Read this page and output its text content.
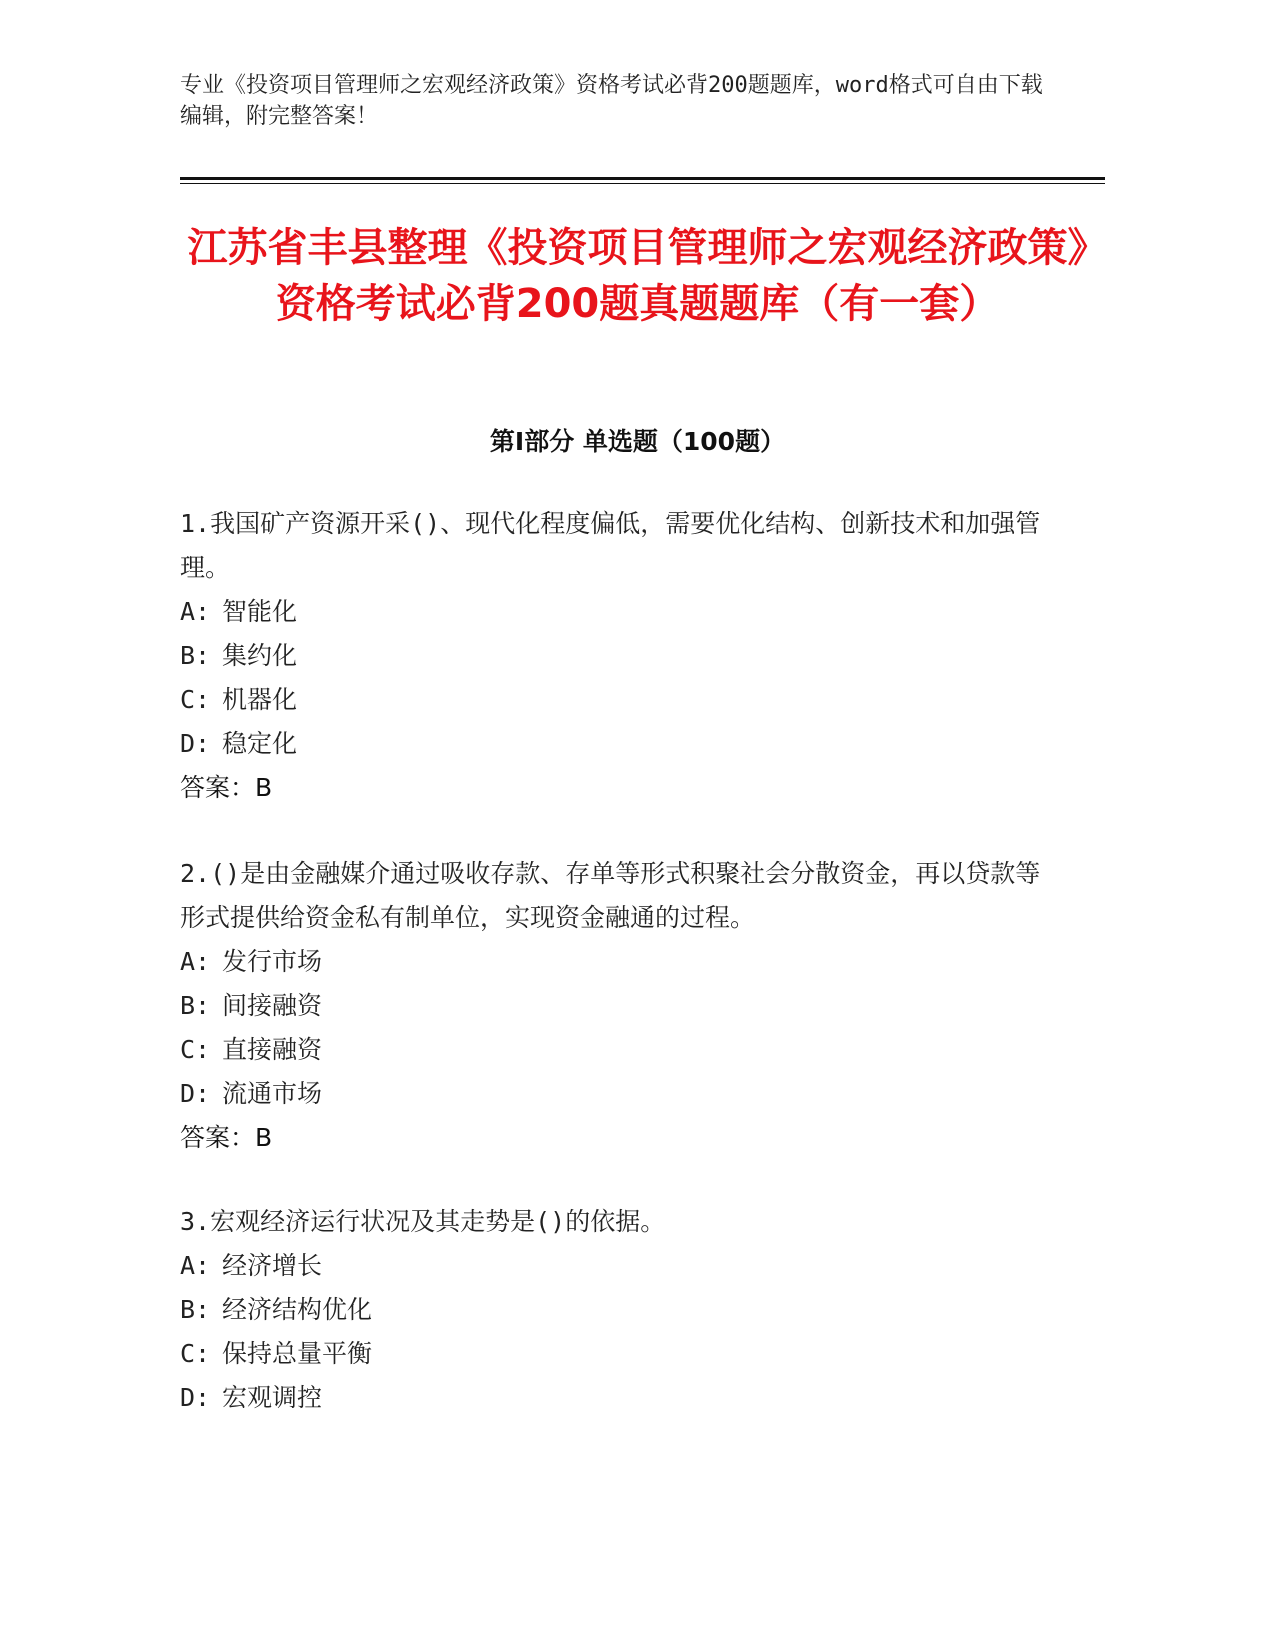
专业《投资项目管理师之宏观经济政策》资格考试必背200题题库，word格式可自由下载编辑，附完整答案！
江苏省丰县整理《投资项目管理师之宏观经济政策》资格考试必背200题真题题库（有一套）
第Ⅰ部分 单选题（100题）
1.我国矿产资源开采()、现代化程度偏低，需要优化结构、创新技术和加强管理。
A: 智能化
B: 集约化
C: 机器化
D: 稳定化
答案：B
2.()是由金融媒介通过吸收存款、存单等形式积聚社会分散资金，再以贷款等形式提供给资金私有制单位，实现资金融通的过程。
A: 发行市场
B: 间接融资
C: 直接融资
D: 流通市场
答案：B
3.宏观经济运行状况及其走势是()的依据。
A: 经济增长
B: 经济结构优化
C: 保持总量平衡
D: 宏观调控
